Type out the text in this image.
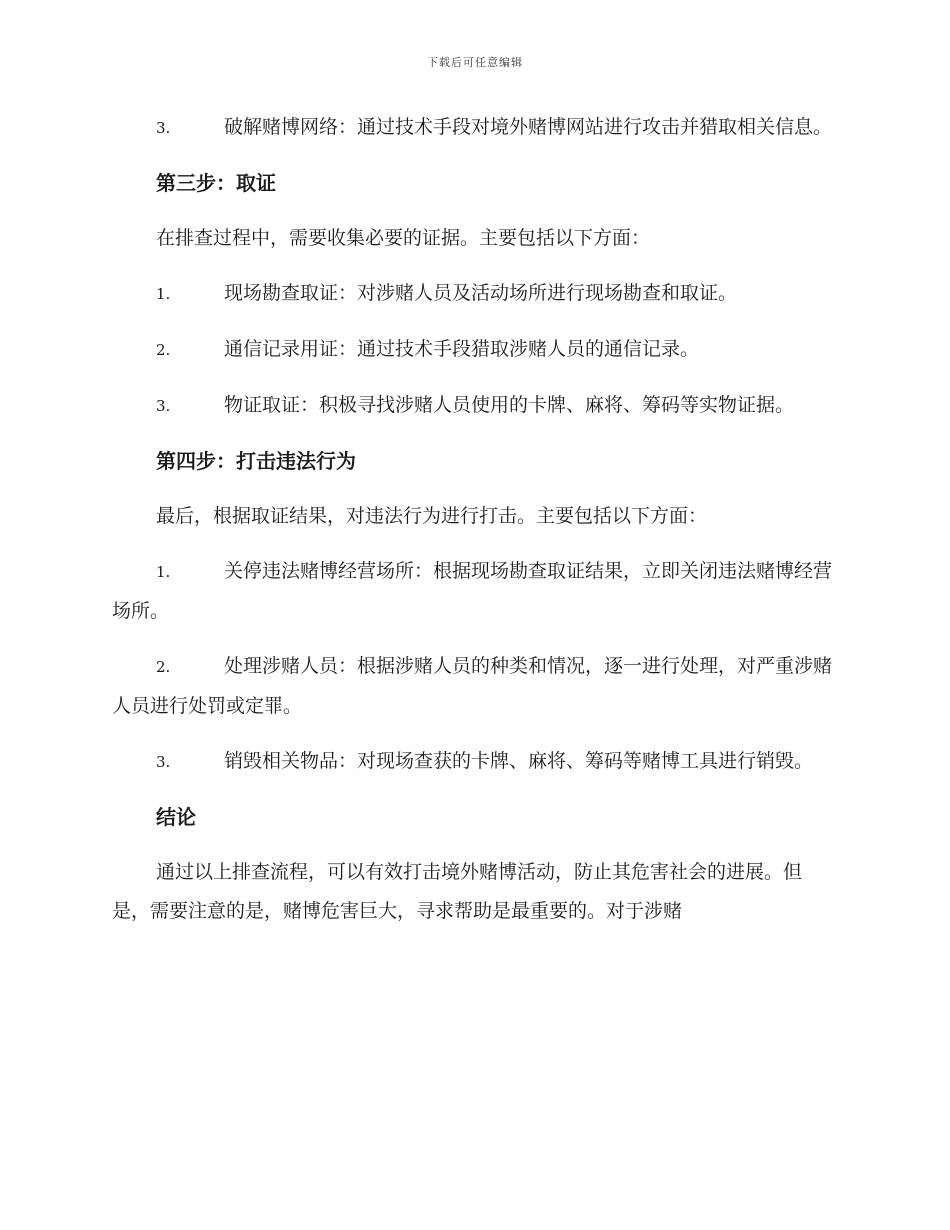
下载后可任意编辑

3.	破解赌博网络：通过技术手段对境外赌博网站进行攻击并猎取相关信息。

第三步：取证

在排查过程中，需要收集必要的证据。主要包括以下方面：

1.	现场勘查取证：对涉赌人员及活动场所进行现场勘查和取证。

2.	通信记录用证：通过技术手段猎取涉赌人员的通信记录。

3.	物证取证：积极寻找涉赌人员使用的卡牌、麻将、筹码等实物证据。

第四步：打击违法行为

最后，根据取证结果，对违法行为进行打击。主要包括以下方面：

1.	关停违法赌博经营场所：根据现场勘查取证结果，立即关闭违法赌博经营场所。

2.	处理涉赌人员：根据涉赌人员的种类和情况，逐一进行处理，对严重涉赌人员进行处罚或定罪。

3.	销毁相关物品：对现场查获的卡牌、麻将、筹码等赌博工具进行销毁。

结论

通过以上排查流程，可以有效打击境外赌博活动，防止其危害社会的进展。但是，需要注意的是，赌博危害巨大，寻求帮助是最重要的。对于涉赌
